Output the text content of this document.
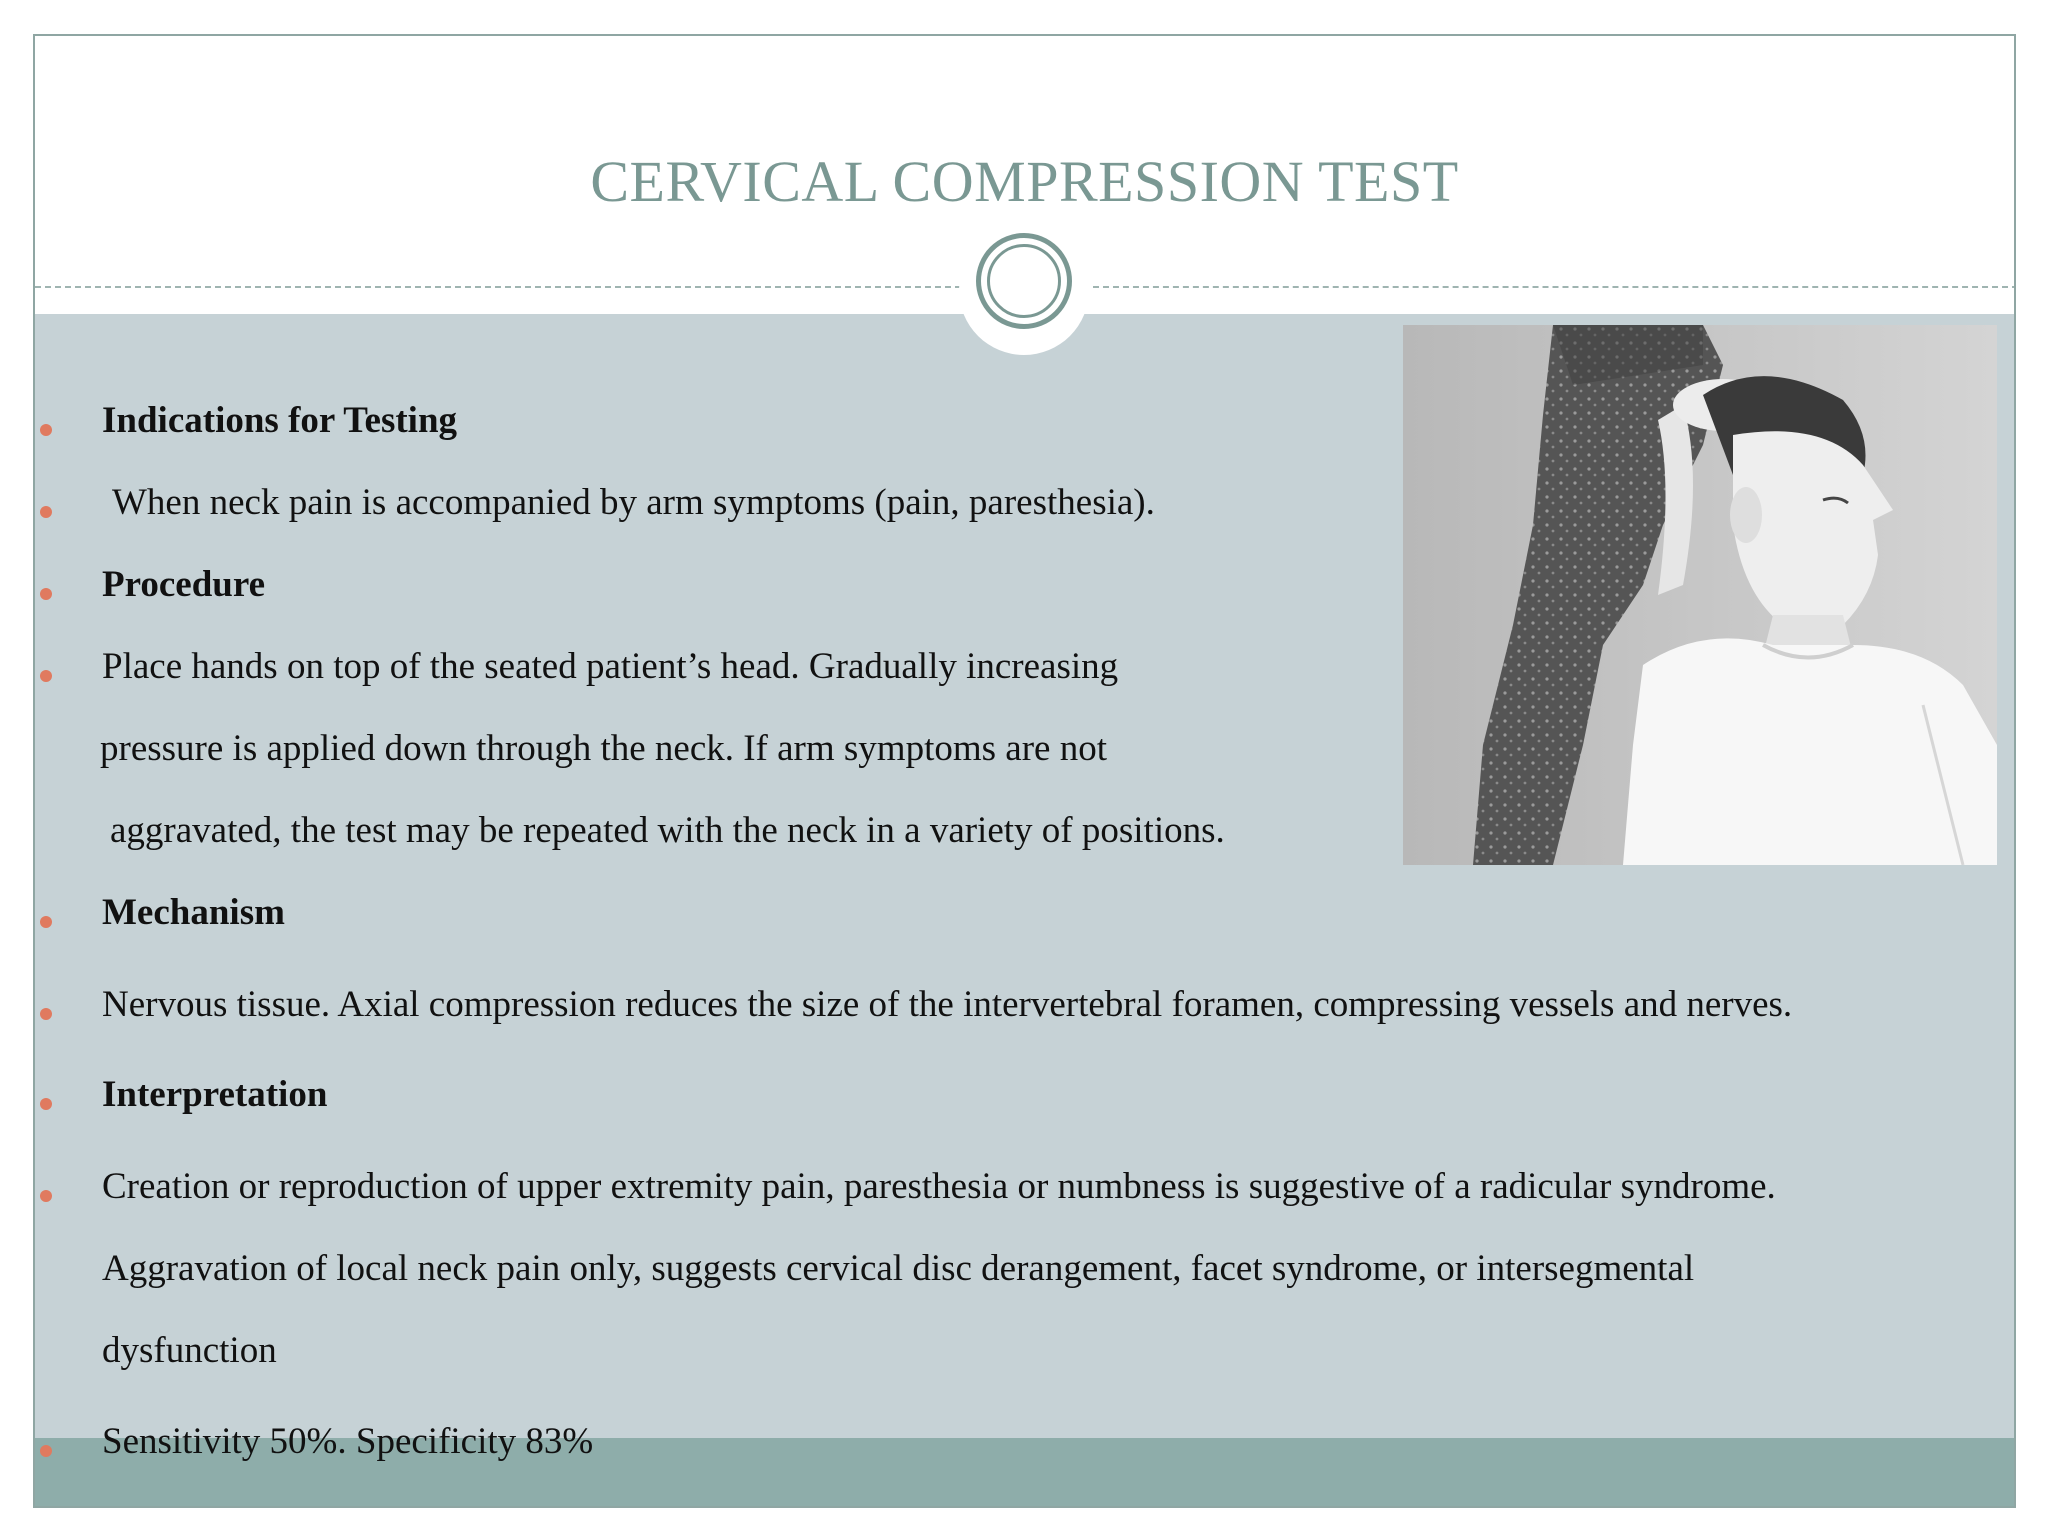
CERVICAL COMPRESSION TEST
Indications for Testing
When neck pain is accompanied by arm symptoms (pain, paresthesia).
Procedure
Place hands on top of the seated patient’s head. Gradually increasing
pressure is applied down through the neck. If arm symptoms are not
aggravated, the test may be repeated with the neck in a variety of positions.
Mechanism
Nervous tissue. Axial compression reduces the size of the intervertebral foramen, compressing vessels and nerves.
Interpretation
Creation or reproduction of upper extremity pain, paresthesia or numbness is suggestive of a radicular syndrome.
Aggravation of local neck pain only, suggests cervical disc derangement, facet syndrome, or intersegmental
dysfunction
Sensitivity 50%. Specificity 83%
